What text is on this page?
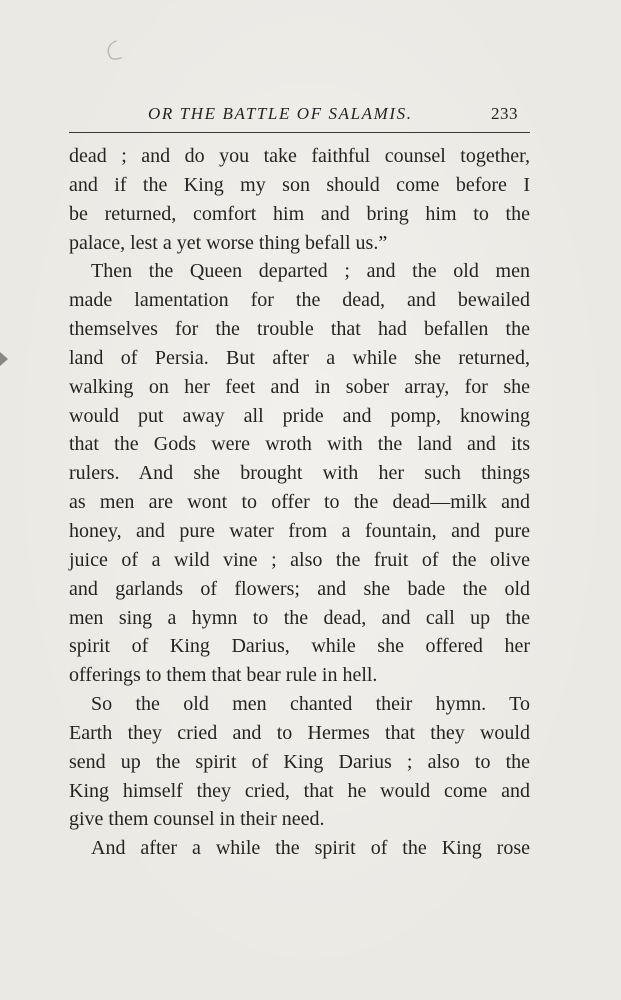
OR THE BATTLE OF SALAMIS.	233
dead ; and do you take faithful counsel together,
and if the King my son should come before I
be returned, comfort him and bring him to the
palace, lest a yet worse thing befall us.”
Then the Queen departed ; and the old men
made lamentation for the dead, and bewailed
themselves for the trouble that had befallen the
land of Persia. But after a while she returned,
walking on her feet and in sober array, for she
would put away all pride and pomp, knowing
that the Gods were wroth with the land and its
rulers. And she brought with her such things
as men are wont to offer to the dead—milk and
honey, and pure water from a fountain, and pure
juice of a wild vine ; also the fruit of the olive
and garlands of flowers; and she bade the old
men sing a hymn to the dead, and call up the
spirit of King Darius, while she offered her
offerings to them that bear rule in hell.
So the old men chanted their hymn. To
Earth they cried and to Hermes that they would
send up the spirit of King Darius ; also to the
King himself they cried, that he would come and
give them counsel in their need.
And after a while the spirit of the King rose
